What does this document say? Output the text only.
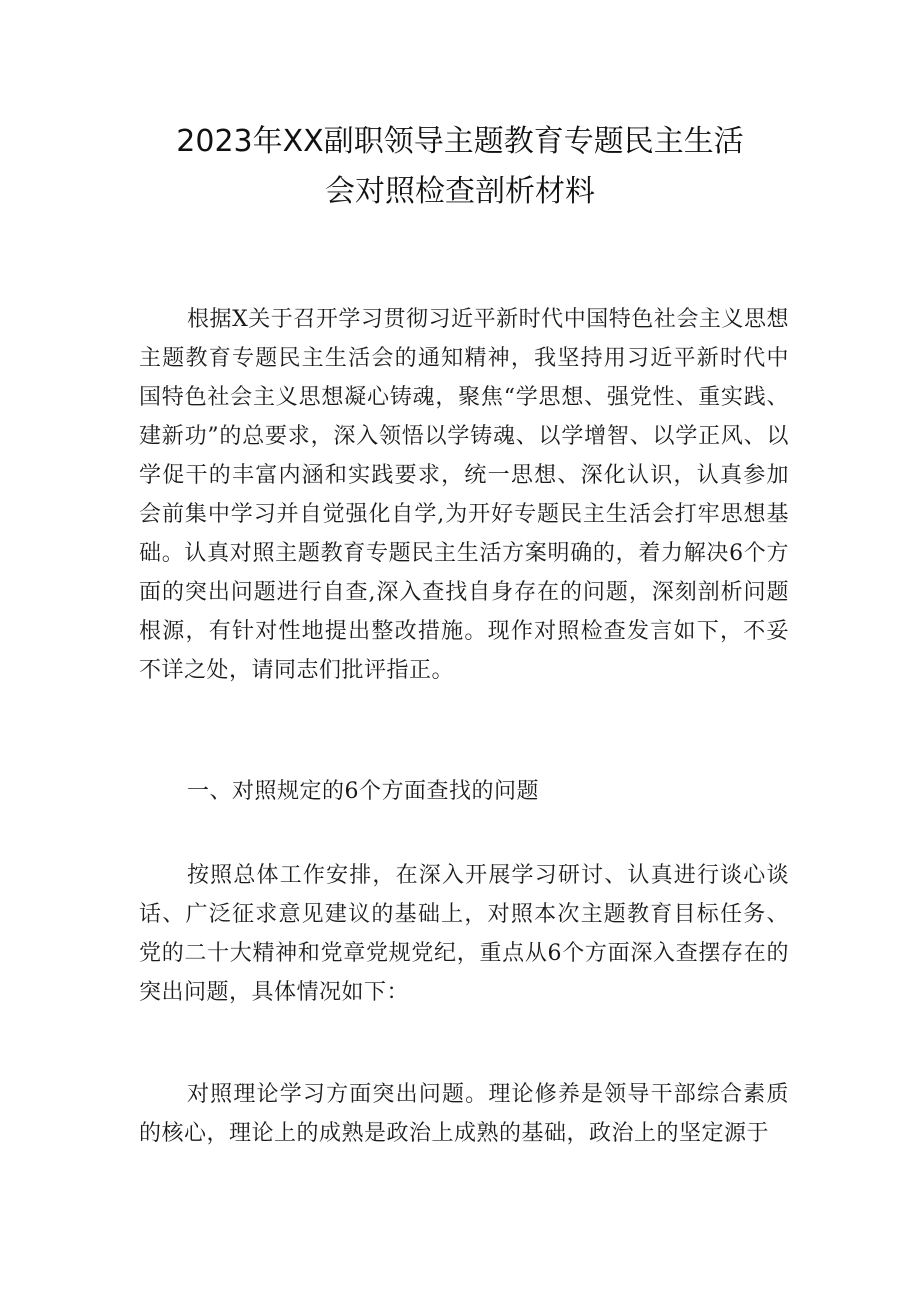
2023年XX副职领导主题教育专题民主生活
会对照检查剖析材料

根据X关于召开学习贯彻习近平新时代中国特色社会主义思想主题教育专题民主生活会的通知精神，我坚持用习近平新时代中国特色社会主义思想凝心铸魂，聚焦“学思想、强党性、重实践、建新功”的总要求，深入领悟以学铸魂、以学增智、以学正风、以学促干的丰富内涵和实践要求，统一思想、深化认识，认真参加会前集中学习并自觉强化自学,为开好专题民主生活会打牢思想基础。认真对照主题教育专题民主生活方案明确的，着力解决6个方面的突出问题进行自查,深入查找自身存在的问题，深刻剖析问题根源，有针对性地提出整改措施。现作对照检查发言如下，不妥不详之处，请同志们批评指正。

一、对照规定的6个方面查找的问题

按照总体工作安排，在深入开展学习研讨、认真进行谈心谈话、广泛征求意见建议的基础上，对照本次主题教育目标任务、党的二十大精神和党章党规党纪，重点从6个方面深入查摆存在的突出问题，具体情况如下：

对照理论学习方面突出问题。理论修养是领导干部综合素质的核心，理论上的成熟是政治上成熟的基础，政治上的坚定源于
